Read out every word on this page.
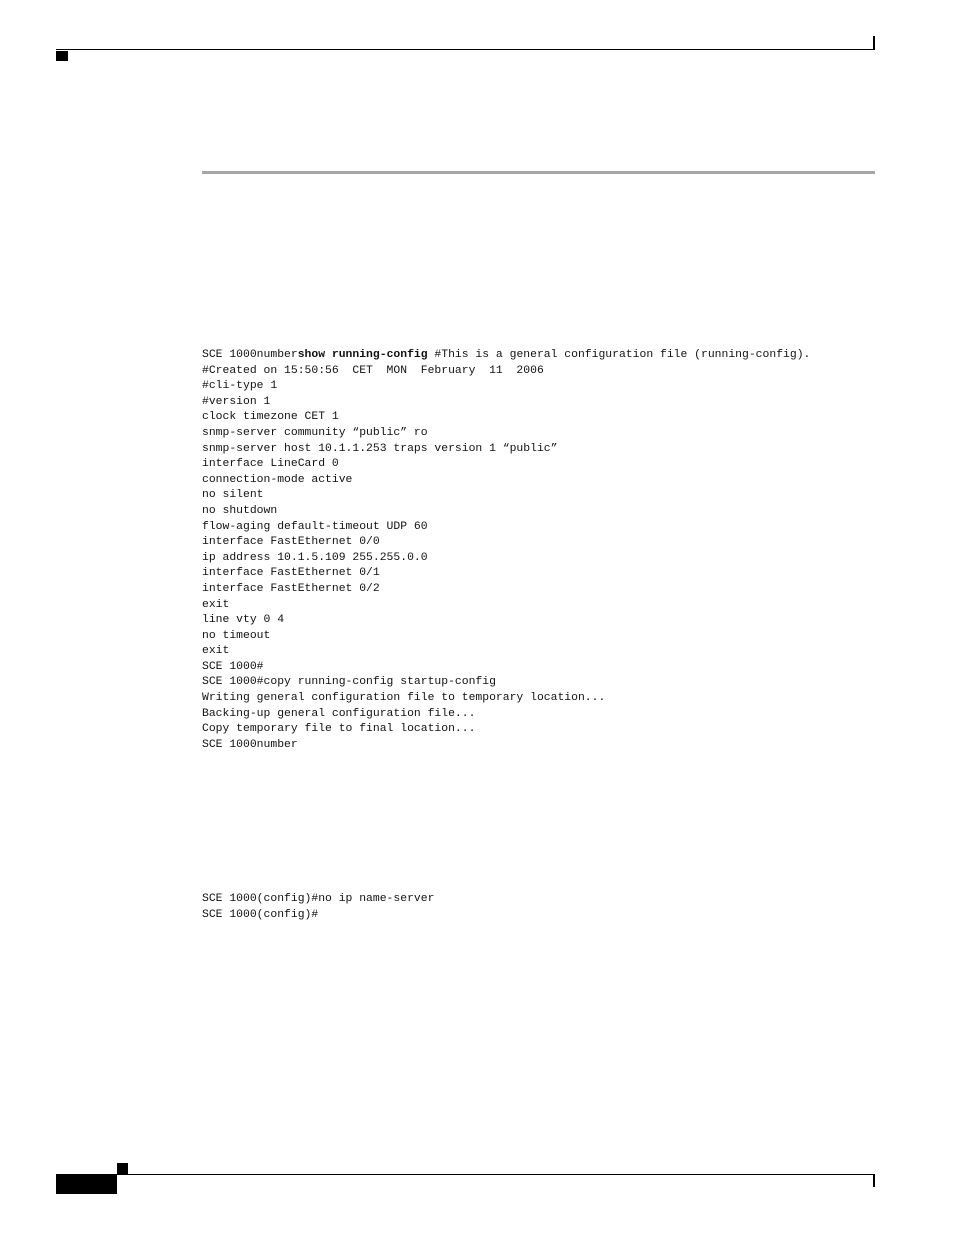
SCE 1000numbershow running-config #This is a general configuration file (running-config).
#Created on 15:50:56  CET  MON  February  11  2006
#cli-type 1
#version 1
clock timezone CET 1
snmp-server community “public” ro
snmp-server host 10.1.1.253 traps version 1 “public”
interface LineCard 0
connection-mode active
no silent
no shutdown
flow-aging default-timeout UDP 60
interface FastEthernet 0/0
ip address 10.1.5.109 255.255.0.0
interface FastEthernet 0/1
interface FastEthernet 0/2
exit
line vty 0 4
no timeout
exit
SCE 1000#
SCE 1000#copy running-config startup-config
Writing general configuration file to temporary location...
Backing-up general configuration file...
Copy temporary file to final location...
SCE 1000number
SCE 1000(config)#no ip name-server
SCE 1000(config)#
